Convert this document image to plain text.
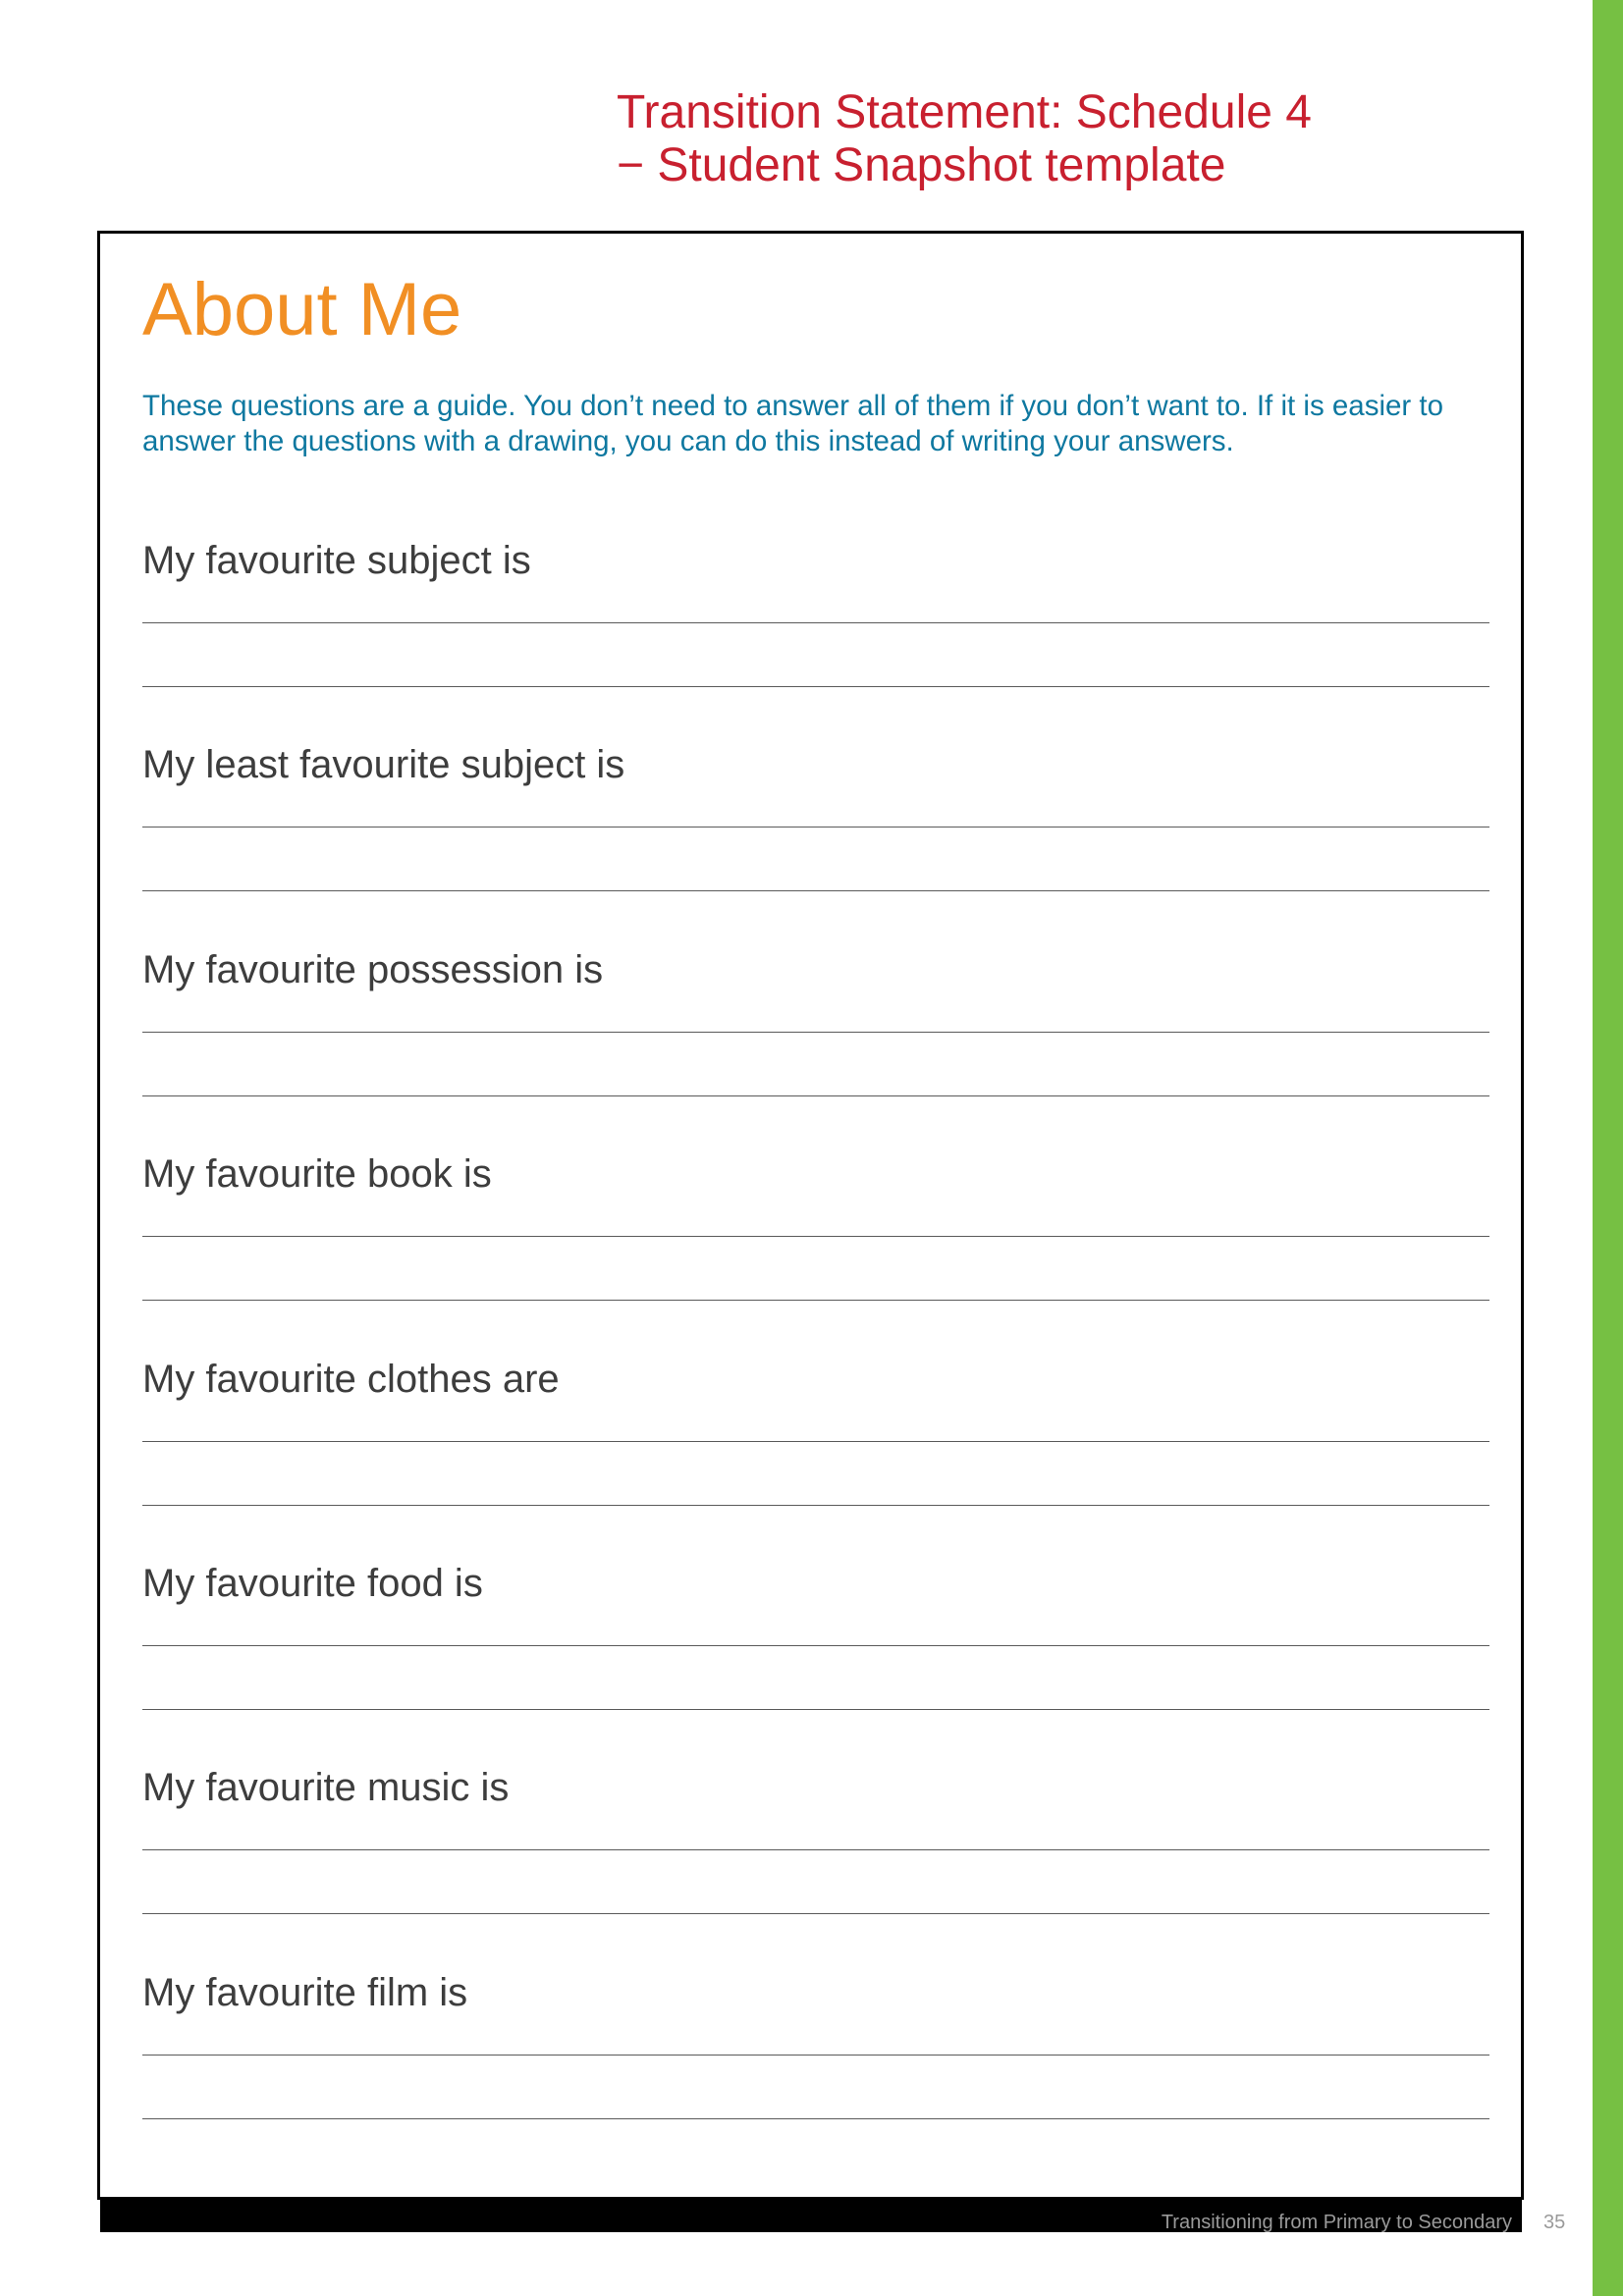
Transition Statement: Schedule 4
− Student Snapshot template
About Me

These questions are a guide. You don’t need to answer all of them if you don’t want to. If it is easier to answer the questions with a drawing, you can do this instead of writing your answers.

My favourite subject is
My least favourite subject is
My favourite possession is
My favourite book is
My favourite clothes are
My favourite food is
My favourite music is
My favourite film is
Transitioning from Primary to Secondary 35
